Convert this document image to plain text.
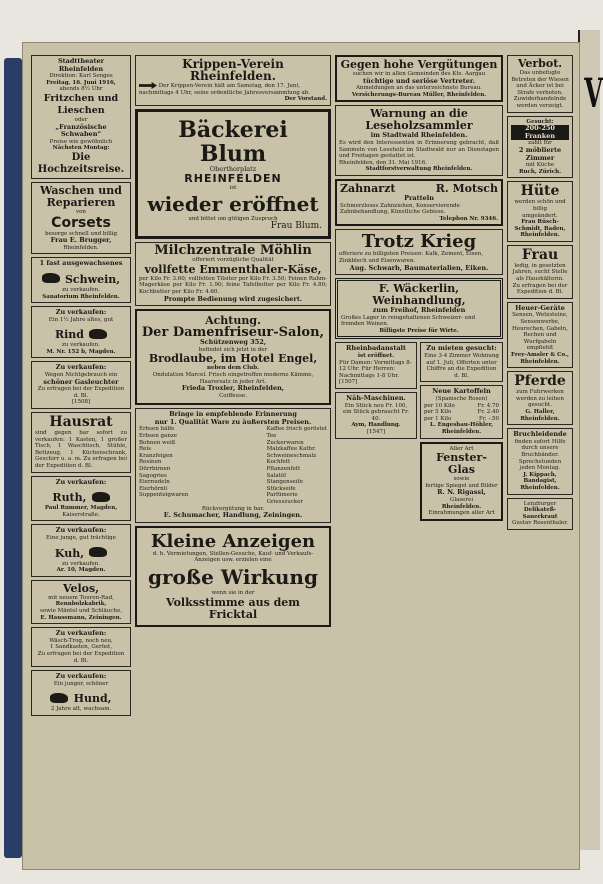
V
Stadttheater Rheinfelden
Direktion: Karl Senges
Freitag, 16. Juni 1916,
abends 8½ Uhr
Fritzchen und Lieschen
oder
„Französische Schwaben“
Preise wie gewöhnlich
Nächsten Montag:
Die Hochzeitsreise.
Waschen und
Reparieren
von
Corsets
besorge schnell und billig
Frau E. Brugger,
Rheinfelden.
1 fast ausgewachsenes
Schwein,
zu verkaufen.
Sanatorium Rheinfelden.
Zu verkaufen:
Ein 1½ Jahre altes, gut
Rind
zu verkaufen.
M. Nr. 152 b, Magden.
Zu verkaufen:
Wegen Nichtgebrauch ein
schöner Gasleuchter
Zu erfragen bei der Expedition d. Bl.
[1508]
Hausrat
sind gegen bar sofort zu verkaufen: 1 Kasten, 1 großer Tisch, 1 Waschtisch, Stühle, Bettzeug, 1 Küchenschrank, Geschirr u. a. m. Zu erfragen bei der Expedition d. Bl.
Zu verkaufen:
Ruth,
Paul Rummer, Magden,
Kaiserstraße.
Zu verkaufen:
Eine junge, gut trächtige
Kuh,
zu verkaufen.
Ar. 10, Magden.
Velos,
mit neuem Touren-Rad,
Rennbolzkabrik,
sowie Mäntel und Schläuche,
E. Haussmann, Zeiningen.
Zu verkaufen:
Wäsch-Trog, noch neu,
1 Sandkasten, Gerüst,
Zu erfragen bei der Expedition d. Bl.
Zu verkaufen:
Ein junger, schöner
Hund,
2 Jahre alt, wachsam.
Krippen-Verein Rheinfelden.
Der Krippen-Verein hält am Samstag, den 17. Juni, nachmittags 4 Uhr, seine ordentliche Jahresversammlung ab.
Der Vorstand.
Bäckerei Blum
Oberthorplatz
RHEINFELDEN
ist
wieder eröffnet
und bittet um gütigen Zuspruch
Frau Blum.
Milchzentrale Möhlin
offeriert vorzügliche Qualität
vollfette Emmenthaler-Käse,
per Kilo Fr. 3.60; vollfetten Tilsiter per Kilo Fr. 3.50; Feinen Rahm-Magerkäse per Kilo Fr. 1.90; feine Tafelbutter per Kilo Fr. 4.80; Kochbutter per Kilo Fr. 4.60.
Prompte Bedienung wird zugesichert.
Achtung.
Der Damenfriseur-Salon,
Schützenweg 352,
befindet sich jetzt in der
Brodlaube, im Hotel Engel,
neben dem Club.
Ondulation Marcel. Frisch eingetroffen moderne Kämme, Haarersatz in jeder Art.
Frieda Troxler, Rheinfelden,
Coiffeuse.
Bringe in empfehlende Erinnerung
nur 1. Qualität Ware zu äußersten Preisen.
Erbsen hälfe
Erbsen ganze
Bohnen weiß
Reis
Kranzfeigen
Rosinen
Dörrbirnen
Sagogries
Eiernudeln
Eierhörnli
Suppenteigwaren
Kaffee frisch geröstet
Tee
Zuckerwaren
Malzkaffee Kathr.
Schweineschmalz
Kochfett
Pflanzenfett
Salatöl
Stangenseife
Stückseife
Parfümerie
Griesszucker
Rückvergütung in bar.
E. Schumacher, Handlung, Zeiningen.
Kleine Anzeigen
d. h. Vermietungen, Stellen-Gesuche, Kauf- und Verkaufs-Anzeigen usw. erzielen eine
große Wirkung
wenn sie in der
Volksstimme aus dem Fricktal
Gegen hohe Vergütungen
suchen wir in allen Gemeinden des Kts. Aargau
tüchtige und seriöse Vertreter.
Anmeldungen an das unterzeichnete Bureau.
Versicherungs-Bureau Müller, Rheinfelden.
Warnung an die Leseholzsammler
im Stadtwald Rheinfelden.
Es wird den Interessenten in Erinnerung gebracht, daß Sammeln von Leseholz im Stadtwald nur an Dienstagen und Freitagen gestattet ist.
Rheinfelden, den 31. Mai 1916.
Stadtforstverwaltung Rheinfelden.
Zahnarzt	R. Motsch
Pratteln
Schmerzloses Zahnziehen, Konservierende Zahnbehandlung, Künstliche Gebisse.
Telephon Nr. 9346.
Trotz Krieg
offeriere zu billigsten Preisen: Kalk, Zement, Eisen, Zinkblech und Eisenwaren.
Aug. Schwarb, Baumaterialien, Eiken.
F. Wäckerlin, Weinhandlung,
zum Freihof, Rheinfelden
Großes Lager in reingehaltenen Schweizer- und fremden Weinen.
Billigste Preise für Wirte.
Rheinbadanstalt
ist eröffnet.
Für Damen: Vormittags 8-12 Uhr. Für Herren: Nachmittags 1-8 Uhr.
[1507]
Näh-Maschinen.
Ein Stück neu Fr. 100,
ein Stück gebraucht Fr. 40.
Aym, Handlung.
[1547]
Zu mieten gesucht:
Eine 3-4 Zimmer Wohnung auf 1. Juli, Offerten unter Chiffre an die Expedition d. Bl.
Neue Kartoffeln
(Spanische Rosen)
per 10 Kilo	Fr. 4.70
per 5 Kilo	Fr. 2.40
per 1 Kilo	Fr. -.50
L. Engeshau-Höhler, Rheinfelden.
Aller Art
Fenster-Glas
sowie
fertige Spiegel und Bilder
R. N. Rigassi,
Glaserei
Rheinfelden.
Einrahmungen aller Art
Verbot.
Das unbefugte Betreten der Wiesen und Äcker ist bei Strafe verboten. Zuwiderhandelnde werden verzeigt.
Gesucht:
200-250 Franken
zahlt für
2 möblierte Zimmer
mit Küche
Ruch, Zürich.
Hüte
werden schön und billig
umgeändert.
Frau Rüsch-Schmidt, Baden, Rheinfelden.
Frau
ledig, in gesetzten Jahren, sucht Stelle als Haushälterin.
Zu erfragen bei der Expedition d. Bl.
Heuer-Geräte
Sensen, Wetzsteine, Sensenwerbe, Heurechen, Gabeln, Rechen und Wurfgabeln empfiehlt
Frey-Amsler & Co., Rheinfelden.
Pferde
zum Fuhrwerken werden zu leihen gesucht.
G. Haller, Rheinfelden.
Bruchleidende
finden sofort Hilfe durch unsere Bruchbänder. Sprechstunden jeden Montag.
J. Kippach, Bandagist, Rheinfelden.
Lenzburger
Delikateß-Sauerkraut
Gustav Rosenthaler.
